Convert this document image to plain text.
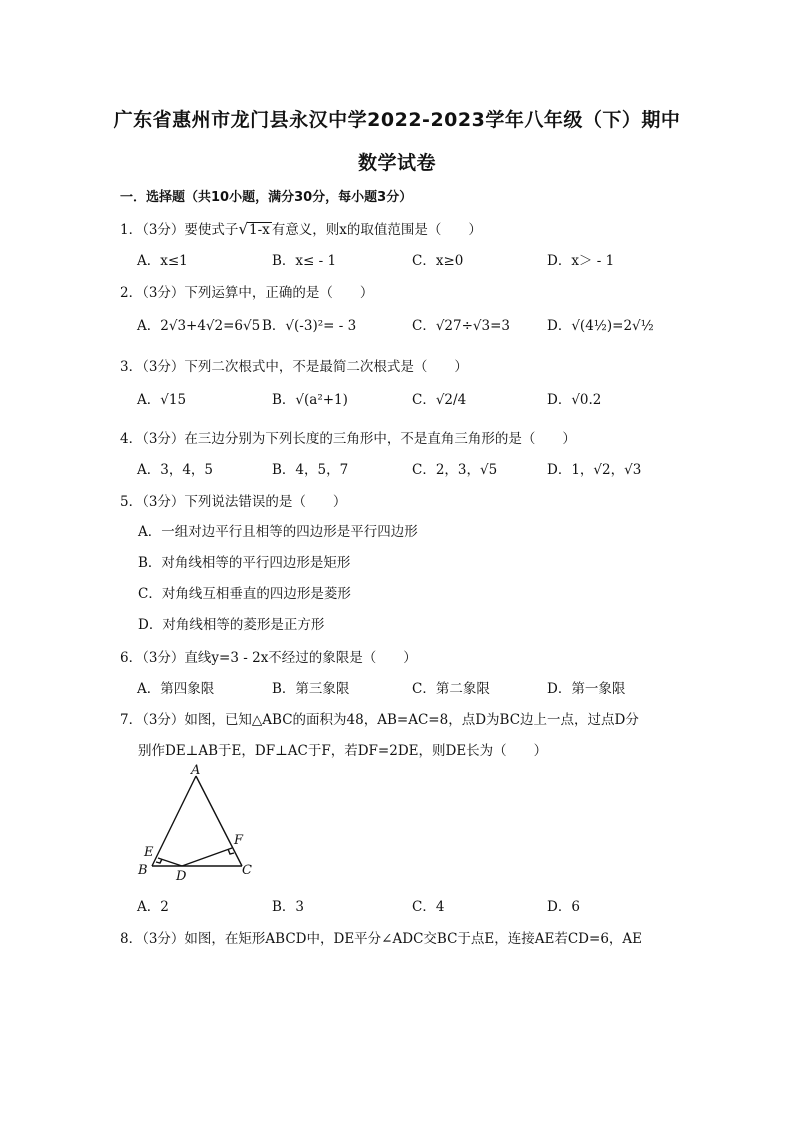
广东省惠州市龙门县永汉中学2022-2023学年八年级（下）期中
数学试卷
一．选择题（共10小题，满分30分，每小题3分）
1．（3分）要使式子√1-x 有意义，则x的取值范围是（　　）
A．x≤1	B．x≤ - 1	C．x≥0	D．x＞ - 1
2．（3分）下列运算中，正确的是（　　）
A．2√3+4√2=6√5 B．√(-3)²= - 3	C．√27÷√3=3	D．√(4½)=2√½
3．（3分）下列二次根式中，不是最简二次根式是（　　）
A．√15	B．√(a²+1)	C．√2/4	D．√0.2
4．（3分）在三边分别为下列长度的三角形中，不是直角三角形的是（　　）
A．3，4，5	B．4，5，7	C．2，3，√5	D．1，√2，√3
5．（3分）下列说法错误的是（　　）
A．一组对边平行且相等的四边形是平行四边形
B．对角线相等的平行四边形是矩形
C．对角线互相垂直的四边形是菱形
D．对角线相等的菱形是正方形
6．（3分）直线y=3 - 2x不经过的象限是（　　）
A．第四象限	B．第三象限	C．第二象限	D．第一象限
7．（3分）如图，已知△ABC的面积为48，AB=AC=8，点D为BC边上一点，过点D分
别作DE⊥AB于E，DF⊥AC于F，若DF=2DE，则DE长为（　　）
A
B	C
D
E
F
A．2	B．3	C．4	D．6
8．（3分）如图，在矩形ABCD中，DE平分∠ADC交BC于点E，连接AE若CD=6，AE
